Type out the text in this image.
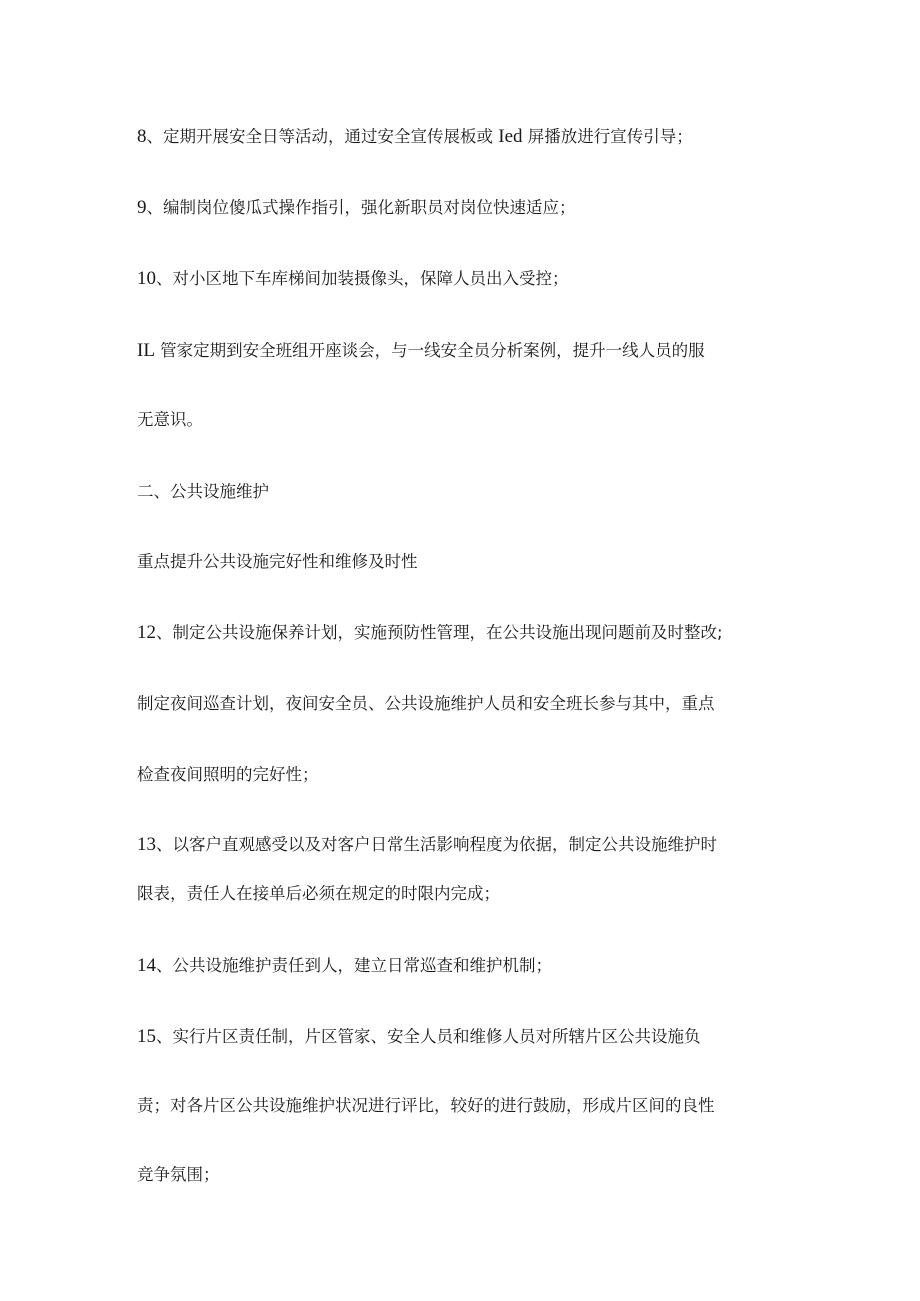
8、定期开展安全日等活动，通过安全宣传展板或 Ied 屏播放进行宣传引导；
9、编制岗位傻瓜式操作指引，强化新职员对岗位快速适应；
10、对小区地下车库梯间加装摄像头，保障人员出入受控；
IL 管家定期到安全班组开座谈会，与一线安全员分析案例，提升一线人员的服
无意识。
二、公共设施维护
重点提升公共设施完好性和维修及时性
12、制定公共设施保养计划，实施预防性管理，在公共设施出现问题前及时整改;
制定夜间巡查计划，夜间安全员、公共设施维护人员和安全班长参与其中，重点
检查夜间照明的完好性；
13、以客户直观感受以及对客户日常生活影响程度为依据，制定公共设施维护时
限表，责任人在接单后必须在规定的时限内完成；
14、公共设施维护责任到人，建立日常巡查和维护机制；
15、实行片区责任制，片区管家、安全人员和维修人员对所辖片区公共设施负
责；对各片区公共设施维护状况进行评比，较好的进行鼓励，形成片区间的良性
竞争氛围；
